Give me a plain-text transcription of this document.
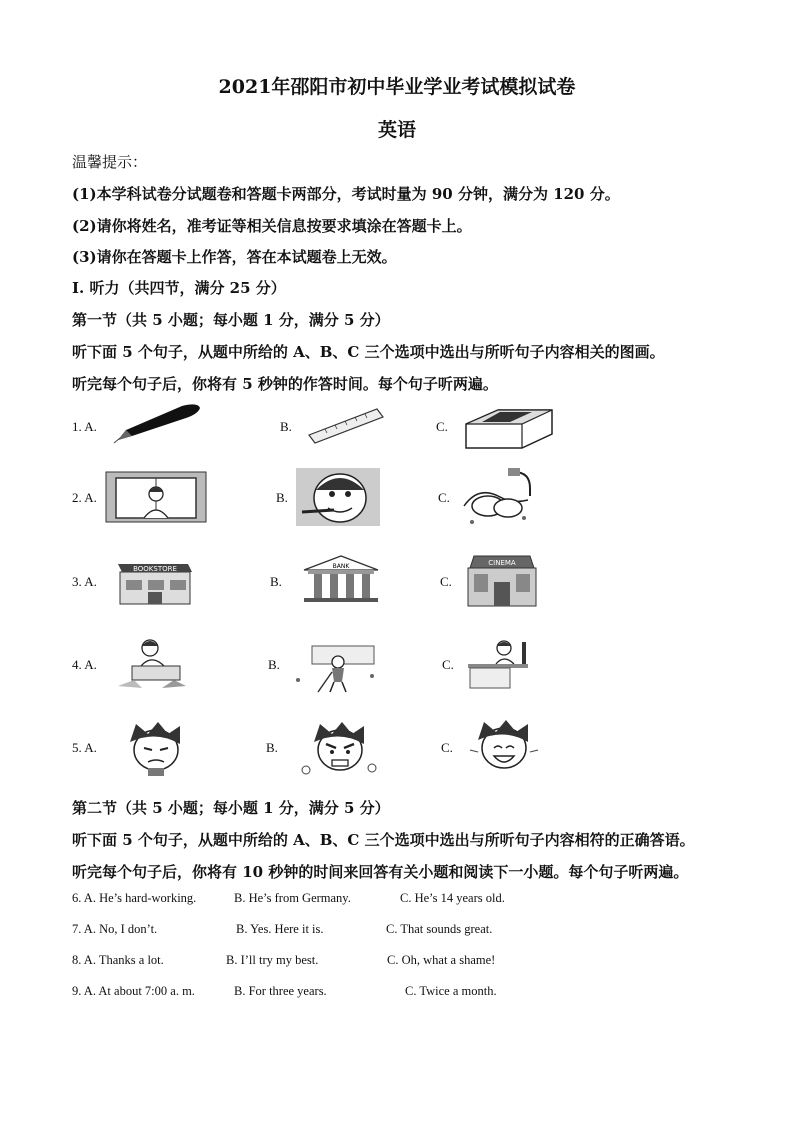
2021年邵阳市初中毕业学业考试模拟试卷
英语
温馨提示：
(1)本学科试卷分试题卷和答题卡两部分，考试时量为 90 分钟，满分为 120 分。
(2)请你将姓名，准考证等相关信息按要求填涂在答题卡上。
(3)请你在答题卡上作答，答在本试题卷上无效。
I. 听力（共四节，满分 25 分）
第一节（共 5 小题；每小题 1 分，满分 5 分）
听下面 5 个句子，从题中所给的 A、B、C 三个选项中选出与所听句子内容相关的图画。
听完每个句子后，你将有 5 秒钟的作答时间。每个句子听两遍。
1. A.	B.	C.
2. A.	B.	C.
3. A.	B.	C.
BOOKSTORE	BANK	CINEMA
4. A.	B.	C.
5. A.	B.	C.
第二节（共 5 小题；每小题 1 分，满分 5 分）
听下面 5 个句子，从题中所给的 A、B、C 三个选项中选出与所听句子内容相符的正确答语。
听完每个句子后，你将有 10 秒钟的时间来回答有关小题和阅读下一小题。每个句子听两遍。
6. A. He’s hard-working.	B. He’s from Germany.	C. He’s 14 years old.
7. A. No, I don’t.	B. Yes. Here it is.	C. That sounds great.
8. A. Thanks a lot.	B. I’ll try my best.	C. Oh, what a shame!
9. A. At about 7:00 a. m.	B. For three years.	C. Twice a month.
